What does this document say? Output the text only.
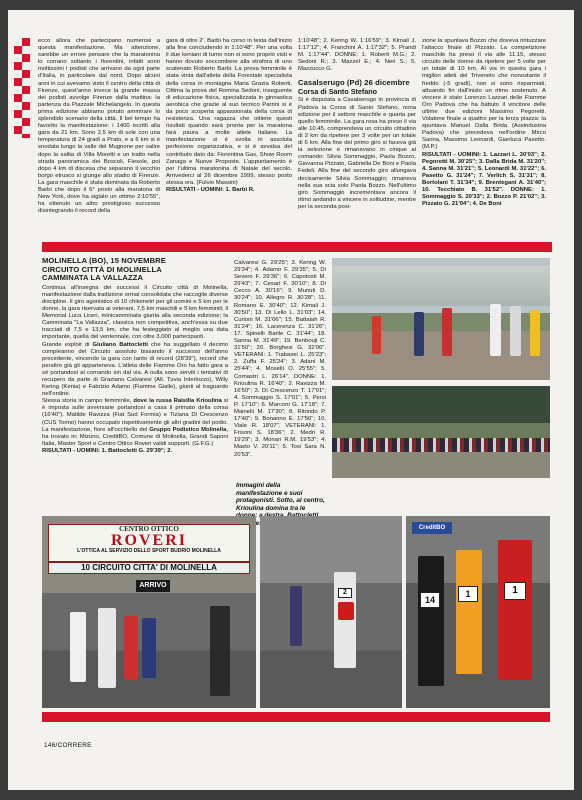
ecco allora che partecipano numerosi a questa manifestazione. Ma attenzione, sarebbe un errore pensare che la maratonina lo corrano soltanto i fiorentini, infatti sono moltissimi i podisti che arrivano da ogni parte d'Italia, in particolare dal nord. Dopo alcuni anni in cui avevamo visto il centro della città di Firenze, quest'anno invece la grande massa dei podisti avvolge Firenze dalla mattina: la partenza da Piazzale Michelangelo. In questa prima edizione abbiamo potuto ammirare lo splendido scenario della città. Il bel tempo ha favorito la manifestazione: i 1400 iscritti alla gara da 21 km. Sono 2,5 km di sole con una temperatura di 24 gradi a Prato, e a 6 km si è snodata lungo la valle del Mugnone per salire dopo la salita di Villa Moretti e un tratto nella strada panoramica dei Boscoli, Fiesole, poi dopo 4 km di discesa che separano il vecchio borgo etrusco si giunge allo stadio di Firenze. La gara maschile è stata dominata da Roberto Barbi che dopo il 6° posto alla maratona di New York, dove ha siglato un ottimo 2:10'55", ha ottenuto un altro prestigioso successo disintegrando il record della

gara di oltre 2'. Barbi ha corso in testa dall'inizio alla fine concludendo in 1:10'48". Per una volta il due keniani di turno non si sono proprio visti e hanno dovuto soccombere alla strafora di uno scatenato Roberto Barbi. La prova femminile è stata vinta dall'atleta della Forestale specialista della corsa in montagna Maria Grazia Roberti. Ottima la prova del Romina Sedoni, inseguente di educazione fisica, specializzata in ginnastica aerobica che grazie al suo tecnico Parrini si è da poco scoperta appassionata della corsa di resistenza. Una ragazza che ottiene questi risultati quando sarà pronta per la maratona farà paura a molte atlete italiane. La manifestazione si è svolta in assoluta perfezione organizzativa, e si è avvalsa del contributo dato da: Fiorentina Gas, Show Room Zanaga e Nuove Proposte. L'appuntamento è per l'ultima maratonina di Natale del secolo. Arrivederci al 26 dicembre 1999, stesso posto stessa ora. (Fulvio Massini)

RISULTATI - UOMINI: 1. Barbi R.

1:10'48"; 2. Kering W. 1:16'59"; 3. Kimali J. 1:17'12"; 4. Franchini A. 1:17'32"; 5. Prandi M. 1:17'44". DONNE: 1. Roberti M.G.; 2. Sedoni R.; 3. Mazzel E.; 4. Neri S.; 5. Mazzucco G.

Casalserugo (Pd) 26 dicembre
Corsa di Santo Stefano

Si è disputata a Casalserugo in provincia di Padova la Corsa di Santo Stefano, nona edizione per il settore maschile e quarta per quello femminile. La gara rosa ha preso il via alle 10.45, comprendeva un circuito cittadino di 2 km da ripetere per 3 volte per un totale di 6 km. Alla fine del primo giro si faceva già la selezione e rimanevano in cinque al comando: Silvia Sommaggio, Paola Bozzo, Giovanna Pizzato, Gabriella De Boni e Paola Fedeli. Alla fine del secondo giro allungava decisamente Silvia Sommaggio; rimaneva nella sua scia solo Paola Bozzo. Nell'ultimo giro Sommaggio incrementava ancora il ritmo andando a vincere in solitudine, mentre per la seconda posi-

zione la spuntava Bozzo che doveva rintuzzare l'attacco finale di Pizzato. La competizione maschile ha preso il via alle 11.15, stesso circuito delle donne da ripetere per 5 volte per un totale di 10 km. Al via in questa gara i migliori atleti del Triveneto che nonostante il freddo (-5 gradi), non si sono risparmiati, attuando fin dall'inizio un ritmo sostenuto. A vincere è stato Lorenzo Lazzari delle Fiamme Oro Padova che ha battuto il vincitore delle ultime due edizioni Massimo Pegoretti. Volatone finale a quattro per la terza piazza: la spuntava Manuel Dalla Brida (Assindustria Padova) che precedeva nell'ordine Mirco Sanna, Massimo Leonardi, Gianluca Pasetto. (M.P.)

RISULTATI - UOMINI: 1. Lazzari L. 30'03"; 2. Pegoretti M. 30'25"; 3. Dalla Brida M. 31'20"; 4. Sanna M. 31'21"; 5. Leonardi M. 31'22"; 6. Pasetto G. 31'24"; 7. Verlich S. 31'31"; 8. Bortolani T. 31'34"; 9. Brentegani A. 31'40"; 10. Tecchiato B. 31'52". DONNE: 1. Sommaggio S. 20'33"; 2. Bozzo P. 21'02"; 3. Pizzato G. 21'04"; 4. De Boni

MOLINELLA (BO), 15 NOVEMBRE
CIRCUITO CITTÀ DI MOLINELLA
CAMMINATA LA VALLAZZA

Continua all'insegna dei successi il Circuito città di Molinella, manifestazione dalla tradizione ormai consolidata che raccoglie diverse discipline. Il giro agonistico di 10 chilometri per gli uomini e 5 km per le donne, la gara riservata ai veterani, 7,5 km maschili e 5 km femminili; il Memorial Luca Liceri, minicamminata giunta alla seconda edizione; la Camminata "La Vallazza", classica non competitiva, anch'essa su due tracciati di 7,5 e 13,5 km, che ha festeggiato al meglio una data importante, quella del ventennale, con oltre 3.000 partecipanti.

Grande exploit di Giuliano Battocletti che ha suggellato il decimo compleanno del Circuito assoluto bissando il successo dell'anno precedente, vincendo la gara con tanto di record (28'39"), record che peraltro già gli apparteneva. L'atleta delle Fiamme Oro ha fatto gara a sé portandosi al comando sin dal via. A nulla sono serviti i tentativi di recupero da parte di Graziano Calvaresi (All. Tuvia Interlozzo), Willy Kering (Kenia) e Fabrizio Adamo (Fiamme Gialle), giunti al traguardo nell'ordine.

Stessa storia in campo femminile, dove la russa Raisilia Krioulina si è imposta sulle avversarie portandosi a casa il primato della corsa (16'40"). Matilde Ravizza (Fiat Sud Formia) e Tiziana Di Crescenzo (CUS Torino) hanno occupato rispettivamente gli altri gradini del podio. La manifestazione, fiore all'occhiello del Gruppo Podistico Molinella, ha trovato in: Mizuno, CreditBO, Comune di Molinella, Grandi Saponi Italia, Master Sport e Centro Ottico Roveri validi supporti. (G.F.G.)

RISULTATI - UOMINI: 1. Battocletti G. 29'39"; 2.

Calvaresi G. 29'25"; 3. Kering W. 29'34"; 4. Adamo F. 29'35"; 5. Di Severo F. 29'36"; 6. Capotosti M. 29'43"; 7. Cesari F. 30'10"; 8. Di Cecco A. 30'16"; 9. Munuti D. 30'24"; 10. Allegro R. 30'28"; 11. Romano E. 30'40"; 12. Kimali J. 30'50"; 13. Di Lello L. 31'03"; 14. Curioni M. 31'06"; 15. Battaiah R. 31'24"; 16. Lacerenza C. 31'26"; 17. Spinelli Barile C. 31'44"; 18. Sanna M. 31'49"; 19. Benbouji C. 31'50"; 20. Borghesi G. 32'06". VETERANI: 1. Trabasei L. 25'23"; 2. Zuffa F. 25'24"; 3. Adani M. 25'44"; 4. Moselli O. 25'55"; 5. Cornastri L. 26'14". DONNE: 1. Krioulina R. 16'40"; 2. Ravizza M. 16'50"; 3. Di Crescenzo T. 17'01"; 4. Sommaggio S. 17'01"; 5. Persi P. 17'10"; 6. Marconi G. 17'18"; 7. Mainelli M. 17'30"; 8. Ritondo P. 17'40"; 9. Bonanno E. 17'56"; 10. Viale R. 18'07". VETERANI: 1. Frisoni S. 18'36"; 2. Medri R. 19'29"; 3. Monari R.M. 19'53"; 4. Masto V. 20'11"; 5. Tosi Sara N. 20'53".

Immagini della manifestazione e suoi protagonisti. Sotto, al centro, Krioulina domina tra le
CENTRO OTTICO
ROVERI
L'OTTICA AL SERVIZIO DELLO SPORT BUDRIO MOLINELLA
10 CIRCUITO CITTA' DI MOLINELLA
ARRIVO
2
CreditBO
14
1	1
146/CORRERE
